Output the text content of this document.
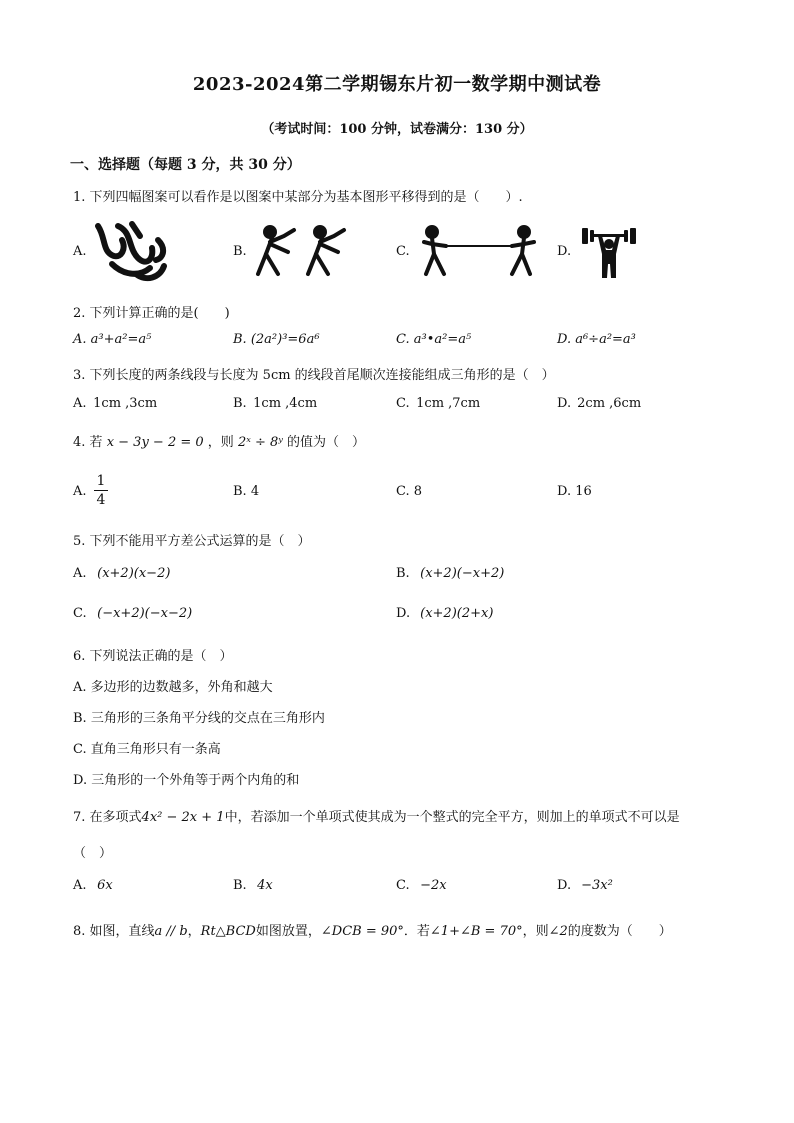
2023-2024第二学期锡东片初一数学期中测试卷
（考试时间：100 分钟，试卷满分：130 分）
一、选择题（每题 3 分，共 30 分）
1. 下列四幅图案可以看作是以图案中某部分为基本图形平移得到的是（　　）.
A.	B.	C.	D.
2. 下列计算正确的是(　　)
A. a³+a²=a⁵	B. (2a²)³=6a⁶	C. a³•a²=a⁵	D. a⁶÷a²=a³
3. 下列长度的两条线段与长度为 5cm 的线段首尾顺次连接能组成三角形的是（　）
A. 1cm ,3cm	B. 1cm ,4cm	C. 1cm ,7cm	D. 2cm ,6cm
4. 若 x − 3y − 2 = 0 ，则 2ˣ ÷ 8ʸ 的值为（　）
A. $\frac{1}{4}$	B. 4	C. 8	D. 16
5. 下列不能用平方差公式运算的是（　）
A. (x+2)(x−2)	B. (x+2)(−x+2)
C. (−x+2)(−x−2)	D. (x+2)(2+x)
6. 下列说法正确的是（　）
A. 多边形的边数越多，外角和越大
B. 三角形的三条角平分线的交点在三角形内
C. 直角三角形只有一条高
D. 三角形的一个外角等于两个内角的和
7. 在多项式4x² − 2x + 1中，若添加一个单项式使其成为一个整式的完全平方，则加上的单项式不可以是
（　）
A. 6x	B. 4x	C. −2x	D. −3x²
8. 如图，直线a // b，Rt△BCD如图放置，∠DCB = 90°．若∠1+∠B = 70°，则∠2的度数为（　　）
